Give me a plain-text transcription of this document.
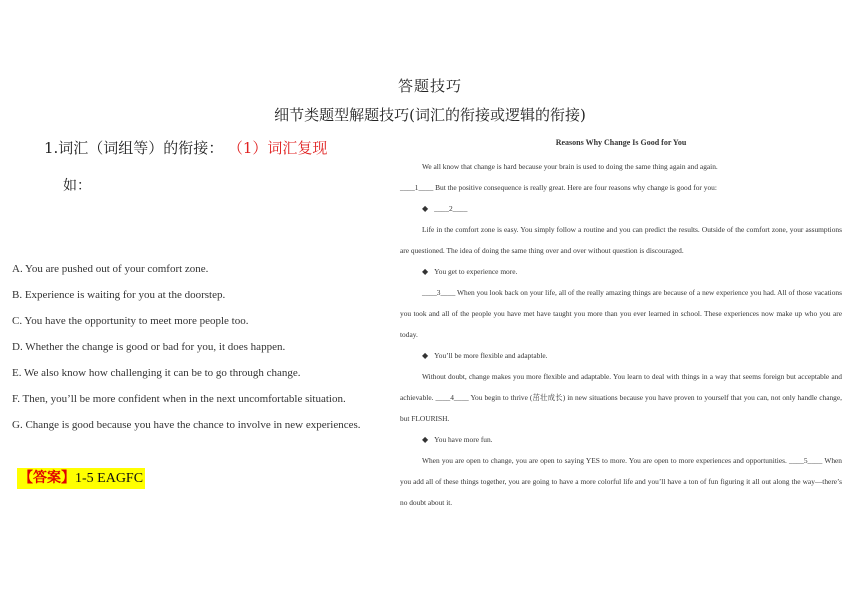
答题技巧
细节类题型解题技巧(词汇的衔接或逻辑的衔接)
1.词汇（词组等）的衔接： （1）词汇复现
如：
A. You are pushed out of your comfort zone.
B. Experience is waiting for you at the doorstep.
C. You have the opportunity to meet more people too.
D. Whether the change is good or bad for you, it does happen.
E. We also know how challenging it can be to go through change.
F. Then, you’ll be more confident when in the next uncomfortable situation.
G. Change is good because you have the chance to involve in new experiences.
【答案】1-5 EAGFC
Reasons Why Change Is Good for You
We all know that change is hard because your brain is used to doing the same thing again and again.
____1____ But the positive consequence is really great. Here are four reasons why change is good for you:
◆ ____2____
Life in the comfort zone is easy. You simply follow a routine and you can predict the results. Outside of the comfort zone, your assumptions are questioned. The idea of doing the same thing over and over without question is discouraged.
◆ You get to experience more.
____3____ When you look back on your life, all of the really amazing things are because of a new experience you had. All of those vacations you took and all of the people you have met have taught you more than you ever learned in school. These experiences now make up who you are today.
◆ You’ll be more flexible and adaptable.
Without doubt, change makes you more flexible and adaptable. You learn to deal with things in a way that seems foreign but acceptable and achievable. ____4____ You begin to thrive (茁壮成长) in new situations because you have proven to yourself that you can, not only handle change, but FLOURISH.
◆ You have more fun.
When you are open to change, you are open to saying YES to more. You are open to more experiences and opportunities. ____5____ When you add all of these things together, you are going to have a more colorful life and you’ll have a ton of fun figuring it all out along the way—there’s no doubt about it.
